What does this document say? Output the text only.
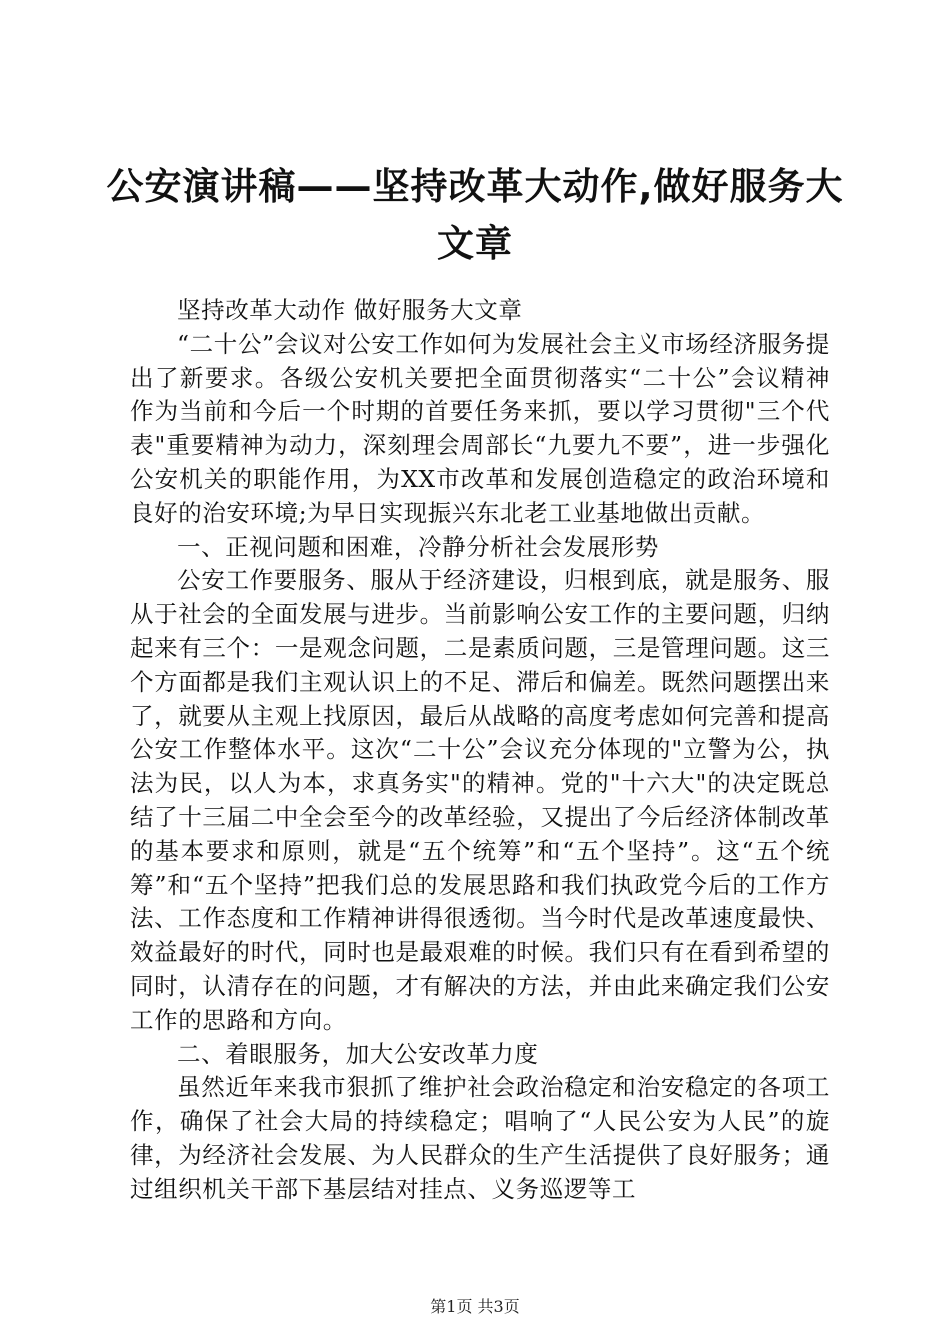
公安演讲稿——坚持改革大动作,做好服务大
文章

坚持改革大动作 做好服务大文章

“二十公”会议对公安工作如何为发展社会主义市场经济服务提出了新要求。各级公安机关要把全面贯彻落实“二十公”会议精神作为当前和今后一个时期的首要任务来抓，要以学习贯彻"三个代表"重要精神为动力，深刻理会周部长“九要九不要”，进一步强化公安机关的职能作用，为XX市改革和发展创造稳定的政治环境和良好的治安环境;为早日实现振兴东北老工业基地做出贡献。

一、正视问题和困难，冷静分析社会发展形势

公安工作要服务、服从于经济建设，归根到底，就是服务、服从于社会的全面发展与进步。当前影响公安工作的主要问题，归纳起来有三个：一是观念问题，二是素质问题，三是管理问题。这三个方面都是我们主观认识上的不足、滞后和偏差。既然问题摆出来了，就要从主观上找原因，最后从战略的高度考虑如何完善和提高公安工作整体水平。这次“二十公”会议充分体现的"立警为公，执法为民，以人为本，求真务实"的精神。党的"十六大"的决定既总结了十三届二中全会至今的改革经验，又提出了今后经济体制改革的基本要求和原则，就是“五个统筹”和“五个坚持”。这“五个统筹”和“五个坚持”把我们总的发展思路和我们执政党今后的工作方法、工作态度和工作精神讲得很透彻。当今时代是改革速度最快、效益最好的时代，同时也是最艰难的时候。我们只有在看到希望的同时，认清存在的问题，才有解决的方法，并由此来确定我们公安工作的思路和方向。

二、着眼服务，加大公安改革力度

虽然近年来我市狠抓了维护社会政治稳定和治安稳定的各项工作，确保了社会大局的持续稳定；唱响了“人民公安为人民”的旋律，为经济社会发展、为人民群众的生产生活提供了良好服务；通过组织机关干部下基层结对挂点、义务巡逻等工

第1页 共3页
